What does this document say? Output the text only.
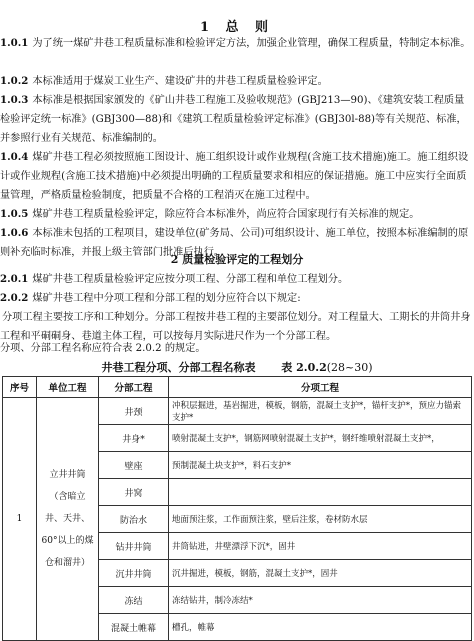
1 总 则
1.0.1 为了统一煤矿井巷工程质量标准和检验评定方法，加强企业管理，确保工程质量，特制定本标准。
1.0.2 本标准适用于煤炭工业生产、建设矿井的井巷工程质量检验评定。
1.0.3 本标准是根据国家颁发的《矿山井巷工程施工及验收规范》(GBJ213—90)、《建筑安装工程质量检验评定统一标准》(GBJ300—88)和《建筑工程质量检验评定标准》(GBJ30l-88)等有关规范、标准，并参照行业有关规范、标准编制的。
1.0.4 煤矿井巷工程必须按照施工图设计、施工组织设计或作业规程(含施工技术措施)施工。施工组织设计或作业规程(含施工技术措施)中必须提出明确的工程质量要求和相应的保证措施。施工中应实行全面质量管理，严格质量检验制度，把质量不合格的工程消灭在施工过程中。
1.0.5 煤矿井巷工程质量检验评定，除应符合本标准外，尚应符合国家现行有关标准的规定。
1.0.6 本标准未包括的工程项目，建设单位(矿务局、公司)可组织设计、施工单位，按照本标准编制的原则补充临时标准，并报上级主管部门批准后执行。
2 质量检验评定的工程划分
2.0.1 煤矿井巷工程质量检验评定应按分项工程、分部工程和单位工程划分。
2.0.2 煤矿井巷工程中分项工程和分部工程的划分应符合以下规定:
分项工程主要按工序和工种划分。分部工程按井巷工程的主要部位划分。对工程量大、工期长的井筒井身工程和平硐硐身、巷道主体工程，可以按每月实际进尺作为一个分部工程。
分项、分部工程名称应符合表 2.0.2 的规定。
井巷工程分项、分部工程名称表 表 2.0.2(28~30)
序号	单位工程	分部工程	分项工程
1	立井井筒（含暗立井、天井、60°以上的煤仓和溜井）	井颈	冲积层掘进，基岩掘进，模板，钢筋，混凝土支护*，锚杆支护*，预应力锚索支护*
		井身*	喷射混凝土支护*，钢筋网喷射混凝土支护*，钢纤维喷射混凝土支护*，
		壁座	预制混凝土块支护*，料石支护*
		井窝	
		防治水	地面预注浆，工作面预注浆，壁后注浆，卷材防水层
		钻井井筒	井筒钻进，井壁漂浮下沉*，固井
		沉井井筒	沉井掘进，模板，钢筋，混凝土支护*，固井
		冻结	冻结钻井，制冷冻结*
		混凝土帷幕	槽孔，帷幕
